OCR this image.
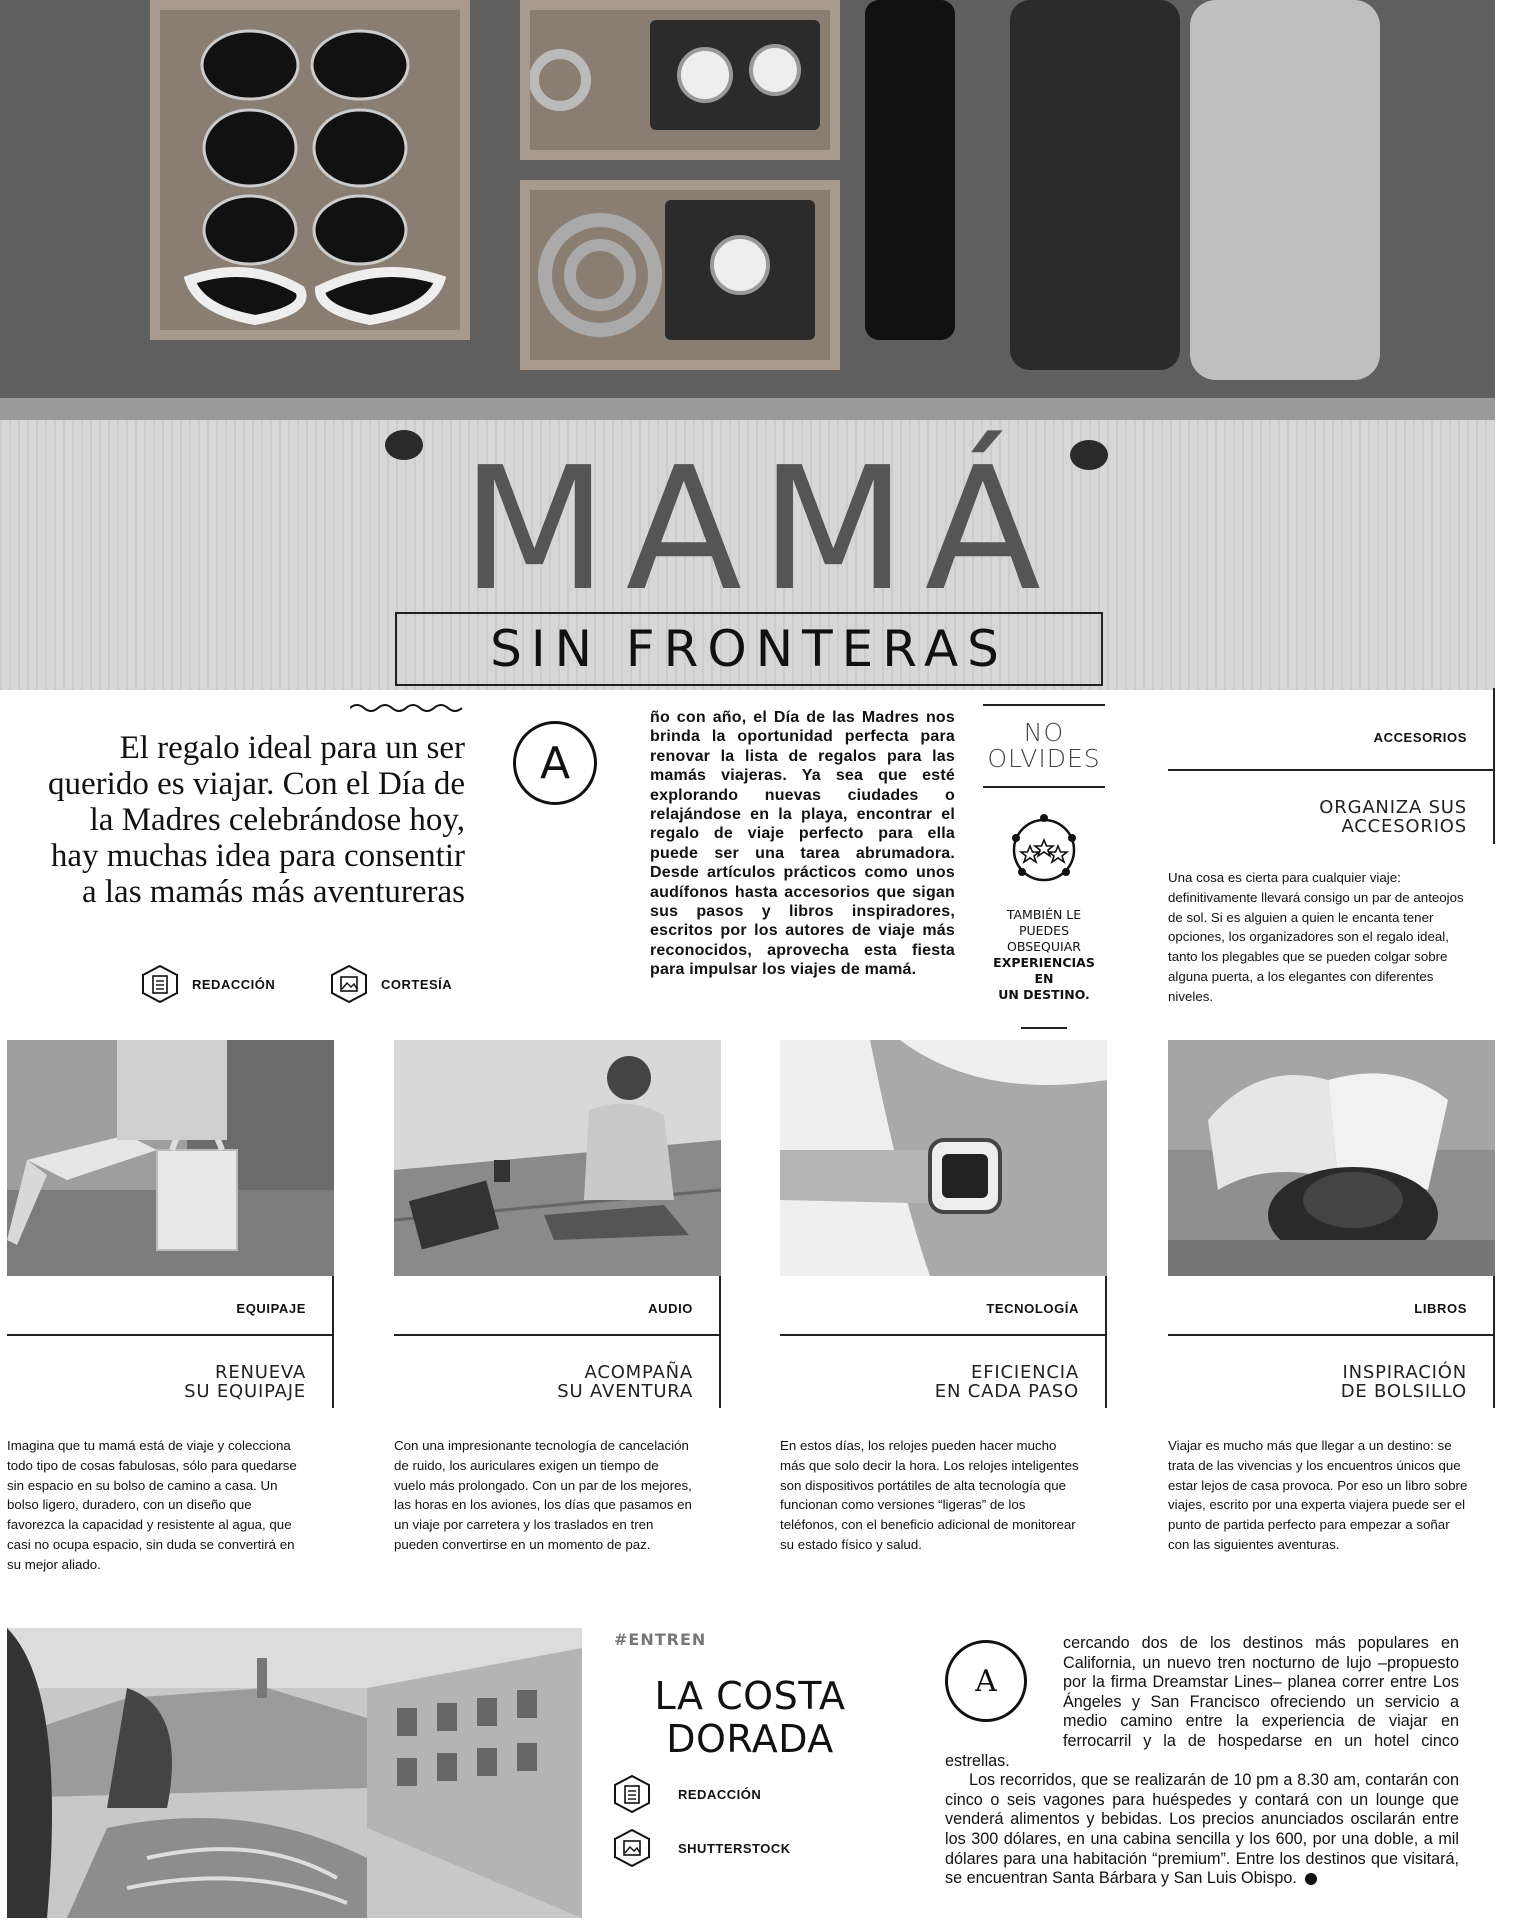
MAMÁ
SIN FRONTERAS
El regalo ideal para un ser querido es viajar. Con el Día de la Madres celebrándose hoy, hay muchas idea para consentir a las mamás más aventureras
REDACCIÓN	CORTESÍA
A
ño con año, el Día de las Madres nos brinda la oportunidad perfecta para renovar la lista de regalos para las mamás viajeras. Ya sea que esté explorando nuevas ciudades o relajándose en la playa, encontrar el regalo de viaje perfecto para ella puede ser una tarea abrumadora. Desde artículos prácticos como unos audífonos hasta accesorios que sigan sus pasos y libros inspiradores, escritos por los autores de viaje más reconocidos, aprovecha esta fiesta para impulsar los viajes de mamá.
NO
OLVIDES
TAMBIÉN LE
PUEDES OBSEQUIAR
EXPERIENCIAS EN
UN DESTINO.
ACCESORIOS
ORGANIZA SUS
ACCESORIOS
Una cosa es cierta para cualquier viaje: definitivamente llevará consigo un par de anteojos de sol. Si es alguien a quien le encanta tener opciones, los organizadores son el regalo ideal, tanto los plegables que se pueden colgar sobre alguna puerta, a los elegantes con diferentes niveles.
EQUIPAJE
RENUEVA
SU EQUIPAJE
AUDIO
ACOMPAÑA
SU AVENTURA
TECNOLOGÍA
EFICIENCIA
EN CADA PASO
LIBROS
INSPIRACIÓN
DE BOLSILLO
Imagina que tu mamá está de viaje y colecciona todo tipo de cosas fabulosas, sólo para quedarse sin espacio en su bolso de camino a casa. Un bolso ligero, duradero, con un diseño que favorezca la capacidad y resistente al agua, que casi no ocupa espacio, sin duda se convertirá en su mejor aliado.
Con una impresionante tecnología de cancelación de ruido, los auriculares exigen un tiempo de vuelo más prolongado. Con un par de los mejores, las horas en los aviones, los días que pasamos en un viaje por carretera y los traslados en tren pueden convertirse en un momento de paz.
En estos días, los relojes pueden hacer mucho más que solo decir la hora. Los relojes inteligentes son dispositivos portátiles de alta tecnología que funcionan como versiones “ligeras” de los teléfonos, con el beneficio adicional de monitorear su estado físico y salud.
Viajar es mucho más que llegar a un destino: se trata de las vivencias y los encuentros únicos que estar lejos de casa provoca. Por eso un libro sobre viajes, escrito por una experta viajera puede ser el punto de partida perfecto para empezar a soñar con las siguientes aventuras.
#ENTREN
LA COSTA
DORADA
REDACCIÓN
SHUTTERSTOCK
A
cercando dos de los destinos más populares en California, un nuevo tren nocturno de lujo –propuesto por la firma Dreamstar Lines– planea correr entre Los Ángeles y San Francisco ofreciendo un servicio a medio camino entre la experiencia de viajar en ferrocarril y la de hospedarse en un hotel cinco estrellas.
Los recorridos, que se realizarán de 10 pm a 8.30 am, contarán con cinco o seis vagones para huéspedes y contará con un lounge que venderá alimentos y bebidas. Los precios anunciados oscilarán entre los 300 dólares, en una cabina sencilla y los 600, por una doble, a mil dólares para una habitación “premium”. Entre los destinos que visitará, se encuentran Santa Bárbara y San Luis Obispo.
